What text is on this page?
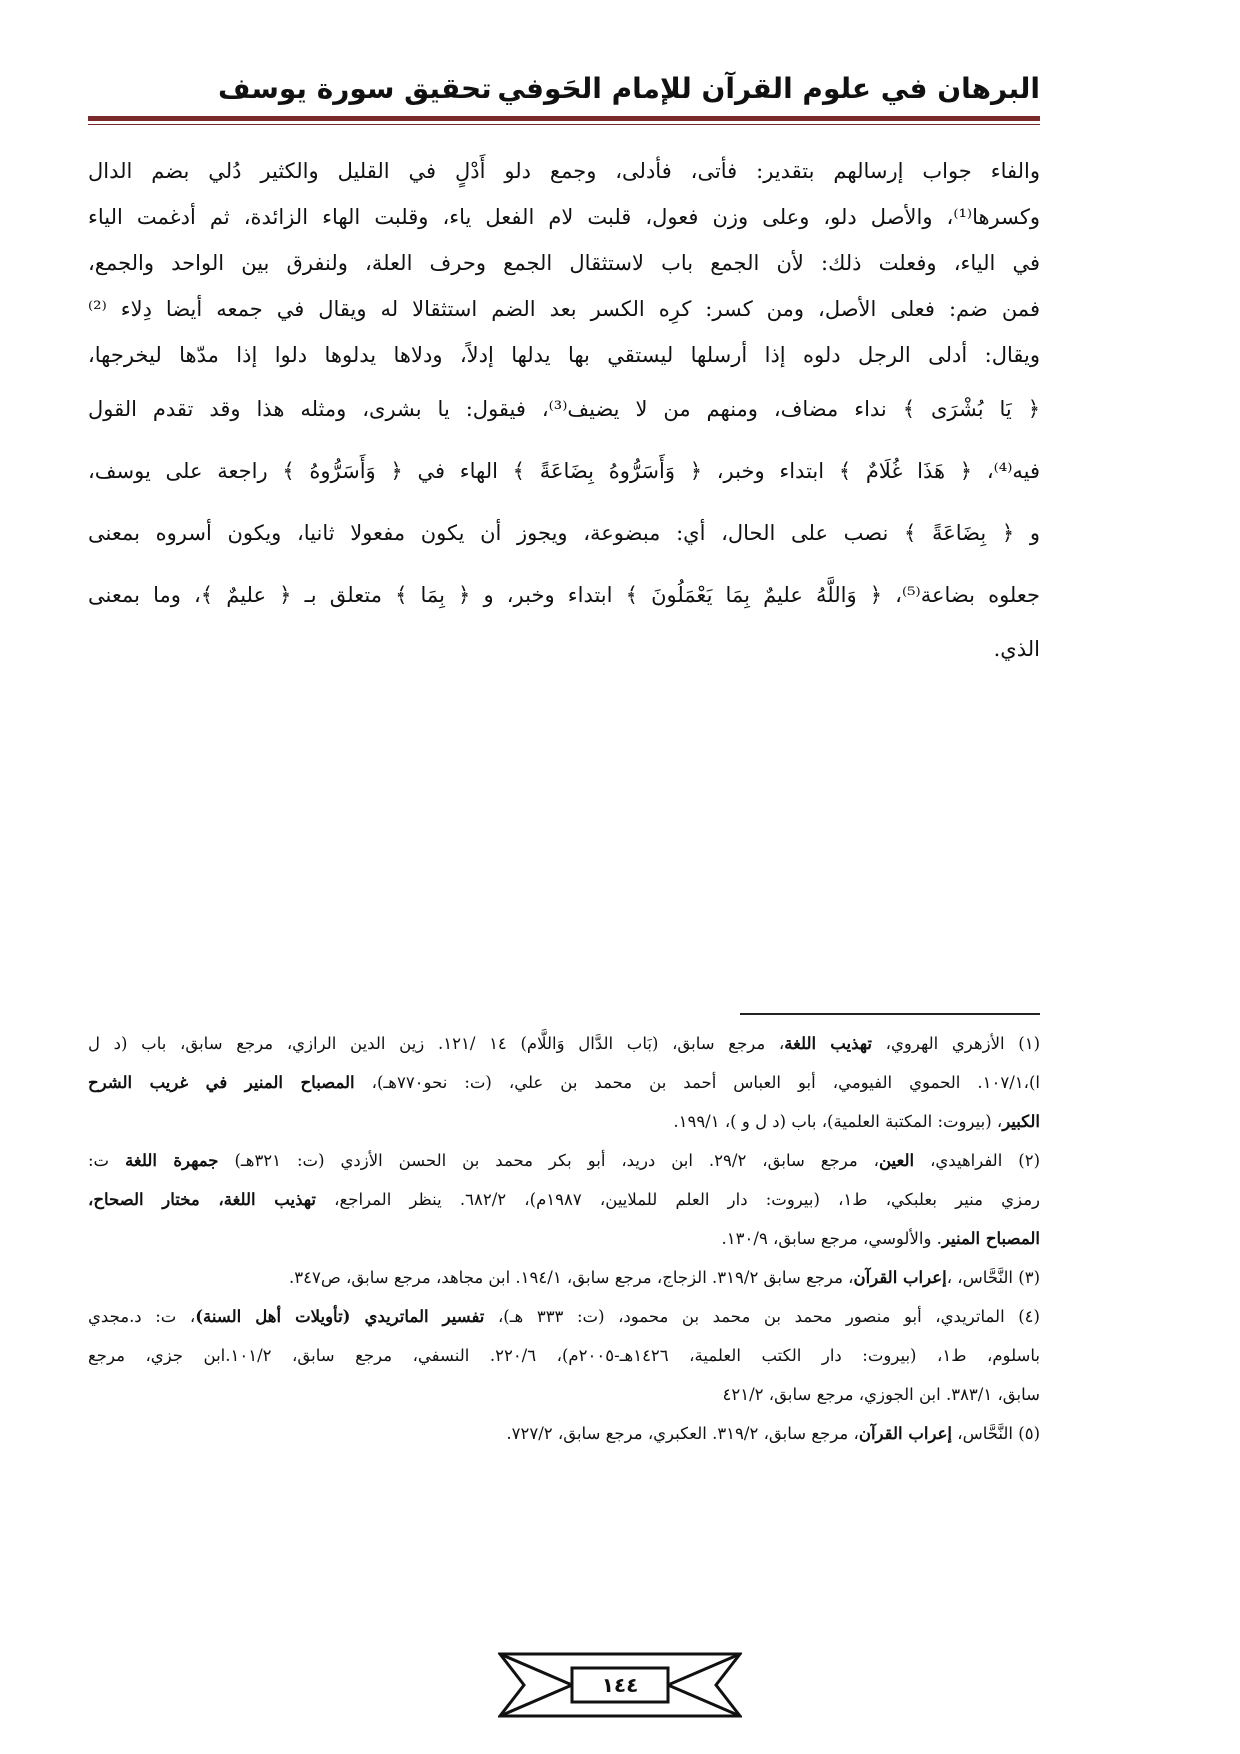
البرهان في علوم القرآن للإمام الحَوفي
تحقيق سورة يوسف
والفاء جواب إرسالهم بتقدير: فأتى، فأدلى، وجمع دلو أَدْلٍ في القليل والكثير دُلي بضم الدال
وكسرها⁽¹⁾، والأصل دلو، وعلى وزن فعول، قلبت لام الفعل ياء، وقلبت الهاء الزائدة، ثم أدغمت الياء
في الياء، وفعلت ذلك: لأن الجمع باب لاستثقال الجمع وحرف العلة، ولنفرق بين الواحد والجمع،
فمن ضم: فعلى الأصل، ومن كسر: كرِه الكسر بعد الضم استثقالا له ويقال في جمعه أيضا دِلاء ⁽²⁾
ويقال: أدلى الرجل دلوه إذا أرسلها ليستقي بها يدلها إدلاً، ودلاها يدلوها دلوا إذا مدّها ليخرجها،
﴿ يَا بُشْرَى ﴾ نداء مضاف، ومنهم من لا يضيف⁽³⁾، فيقول: يا بشرى، ومثله هذا وقد تقدم القول
فيه⁽⁴⁾، ﴿ هَذَا غُلَامٌ ﴾ ابتداء وخبر، ﴿ وَأَسَرُّوهُ بِضَاعَةً ﴾ الهاء في ﴿ وَأَسَرُّوهُ ﴾ راجعة على يوسف،
و ﴿ بِضَاعَةً ﴾ نصب على الحال، أي: مبضوعة، ويجوز أن يكون مفعولا ثانيا، ويكون أسروه بمعنى
جعلوه بضاعة⁽⁵⁾، ﴿ وَاللَّهُ عليمٌ بِمَا يَعْمَلُونَ ﴾ ابتداء وخبر، و ﴿ بِمَا ﴾ متعلق بـ ﴿ عليمٌ ﴾، وما بمعنى
الذي.
(١) الأزهري الهروي، تهذيب اللغة، مرجع سابق، (بَاب الدَّال وَاللَّام) ١٤ /١٢١. زين الدين الرازي، مرجع سابق، باب (د ل
ا)،١٠٧/١. الحموي الفيومي، أبو العباس أحمد بن محمد بن علي، (ت: نحو٧٧٠هـ)، المصباح المنير في غريب الشرح
الكبير، (بيروت: المكتبة العلمية)، باب (د ل و )، ١٩٩/١.
(٢) الفراهيدي، العين، مرجع سابق، ٢٩/٢. ابن دريد، أبو بكر محمد بن الحسن الأزدي (ت: ٣٢١هـ) جمهرة اللغة ت:
رمزي منير بعلبكي، ط١، (بيروت: دار العلم للملايين، ١٩٨٧م)، ٦٨٢/٢. ينظر المراجع، تهذيب اللغة، مختار الصحاح،
المصباح المنير. والألوسي، مرجع سابق، ١٣٠/٩.
(٣) النَّحَّاس، ،إعراب القرآن، مرجع سابق ٣١٩/٢. الزجاج، مرجع سابق، ١٩٤/١. ابن مجاهد، مرجع سابق، ص٣٤٧.
(٤) الماتريدي، أبو منصور محمد بن محمد بن محمود، (ت: ٣٣٣ هـ)، تفسير الماتريدي (تأويلات أهل السنة)، ت: د.مجدي
باسلوم، ط١، (بيروت: دار الكتب العلمية، ١٤٢٦هـ-٢٠٠٥م)، ٢٢٠/٦. النسفي، مرجع سابق، ١٠١/٢.ابن جزي، مرجع
سابق، ٣٨٣/١. ابن الجوزي، مرجع سابق، ٤٢١/٢
(٥) النَّحَّاس، إعراب القرآن، مرجع سابق، ٣١٩/٢. العكبري، مرجع سابق، ٧٢٧/٢.
١٤٤
